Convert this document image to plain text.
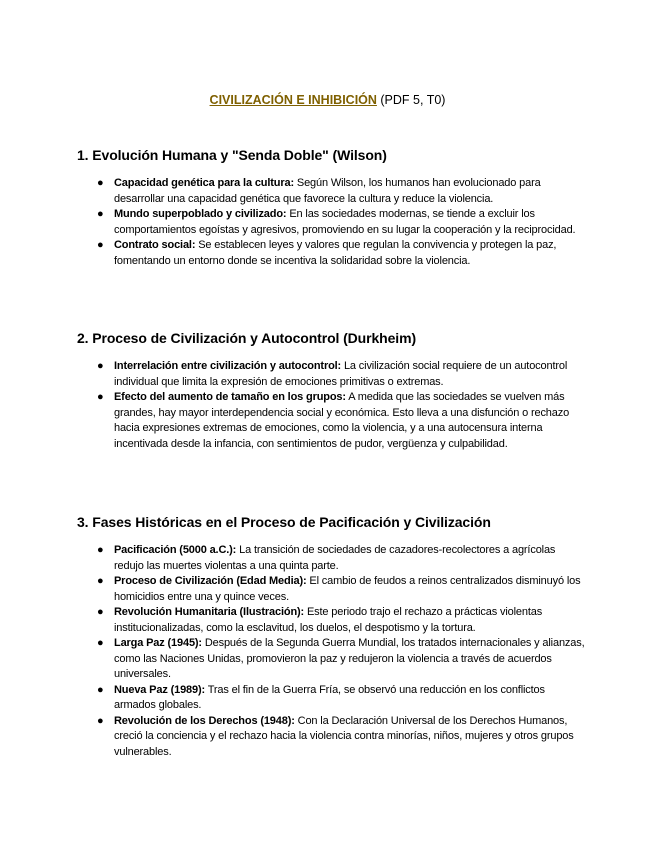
CIVILIZACIÓN E INHIBICIÓN (PDF 5, T0)
1. Evolución Humana y "Senda Doble" (Wilson)
● Capacidad genética para la cultura: Según Wilson, los humanos han evolucionado para desarrollar una capacidad genética que favorece la cultura y reduce la violencia.
● Mundo superpoblado y civilizado: En las sociedades modernas, se tiende a excluir los comportamientos egoístas y agresivos, promoviendo en su lugar la cooperación y la reciprocidad.
● Contrato social: Se establecen leyes y valores que regulan la convivencia y protegen la paz, fomentando un entorno donde se incentiva la solidaridad sobre la violencia.
2. Proceso de Civilización y Autocontrol (Durkheim)
● Interrelación entre civilización y autocontrol: La civilización social requiere de un autocontrol individual que limita la expresión de emociones primitivas o extremas.
● Efecto del aumento de tamaño en los grupos: A medida que las sociedades se vuelven más grandes, hay mayor interdependencia social y económica. Esto lleva a una disfunción o rechazo hacia expresiones extremas de emociones, como la violencia, y a una autocensura interna incentivada desde la infancia, con sentimientos de pudor, vergüenza y culpabilidad.
3. Fases Históricas en el Proceso de Pacificación y Civilización
● Pacificación (5000 a.C.): La transición de sociedades de cazadores-recolectores a agrícolas redujo las muertes violentas a una quinta parte.
● Proceso de Civilización (Edad Media): El cambio de feudos a reinos centralizados disminuyó los homicidios entre una y quince veces.
● Revolución Humanitaria (Ilustración): Este periodo trajo el rechazo a prácticas violentas institucionalizadas, como la esclavitud, los duelos, el despotismo y la tortura.
● Larga Paz (1945): Después de la Segunda Guerra Mundial, los tratados internacionales y alianzas, como las Naciones Unidas, promovieron la paz y redujeron la violencia a través de acuerdos universales.
● Nueva Paz (1989): Tras el fin de la Guerra Fría, se observó una reducción en los conflictos armados globales.
● Revolución de los Derechos (1948): Con la Declaración Universal de los Derechos Humanos, creció la conciencia y el rechazo hacia la violencia contra minorías, niños, mujeres y otros grupos vulnerables.
